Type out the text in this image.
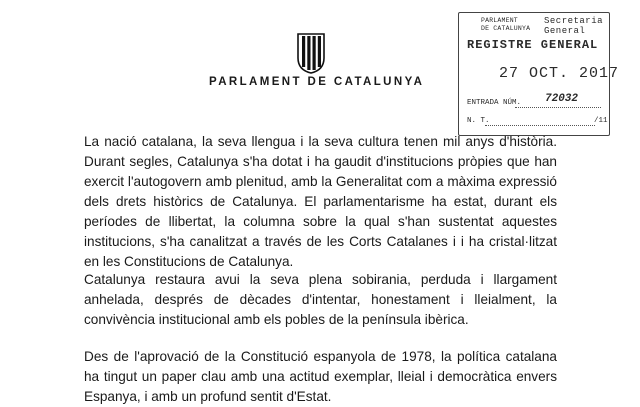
PARLAMENT DE CATALUNYA
PARLAMENT
DE CATALUNYA
Secretaria
General
REGISTRE GENERAL
27 OCT. 2017
ENTRADA NÚM. 72032
N. T.	/11

La nació catalana, la seva llengua i la seva cultura tenen mil anys d'història. Durant segles, Catalunya s'ha dotat i ha gaudit d'institucions pròpies que han exercit l'autogovern amb plenitud, amb la Generalitat com a màxima expressió dels drets històrics de Catalunya. El parlamentarisme ha estat, durant els períodes de llibertat, la columna sobre la qual s'han sustentat aquestes institucions, s'ha canalitzat a través de les Corts Catalanes i i ha cristal·litzat en les Constitucions de Catalunya.

Catalunya restaura avui la seva plena sobirania, perduda i llargament anhelada, després de dècades d'intentar, honestament i lleialment, la convivència institucional amb els pobles de la península ibèrica.

Des de l'aprovació de la Constitució espanyola de 1978, la política catalana ha tingut un paper clau amb una actitud exemplar, lleial i democràtica envers Espanya, i amb un profund sentit d'Estat.
